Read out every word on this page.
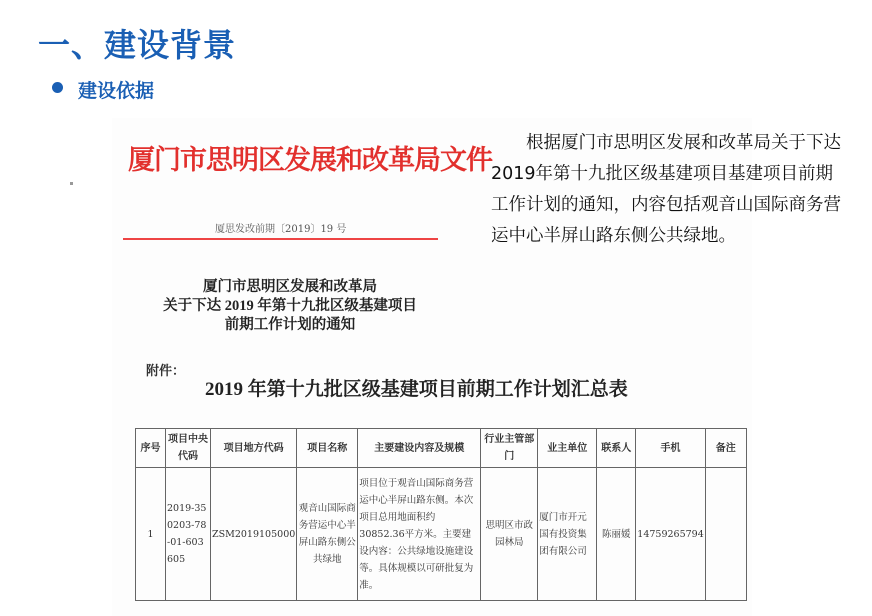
一、建设背景
建设依据
厦门市思明区发展和改革局文件
厦思发改前期〔2019〕19 号
厦门市思明区发展和改革局
关于下达 2019 年第十九批区级基建项目
前期工作计划的通知
附件：
2019 年第十九批区级基建项目前期工作计划汇总表
序号	项目中央代码	项目地方代码	项目名称	主要建设内容及规模	行业主管部门	业主单位	联系人	手机	备注
1	2019-350203-78-01-603605	ZSM2019105000	观音山国际商务营运中心半屏山路东侧公共绿地	项目位于观音山国际商务营运中心半屏山路东侧。本次项目总用地面积约30852.36平方米。主要建设内容：公共绿地设施建设等。具体规模以可研批复为准。	思明区市政园林局	厦门市开元国有投资集团有限公司	陈丽媛	14759265794	
根据厦门市思明区发展和改革局关于下达2019年第十九批区级基建项目基建项目前期工作计划的通知，内容包括观音山国际商务营运中心半屏山路东侧公共绿地。
